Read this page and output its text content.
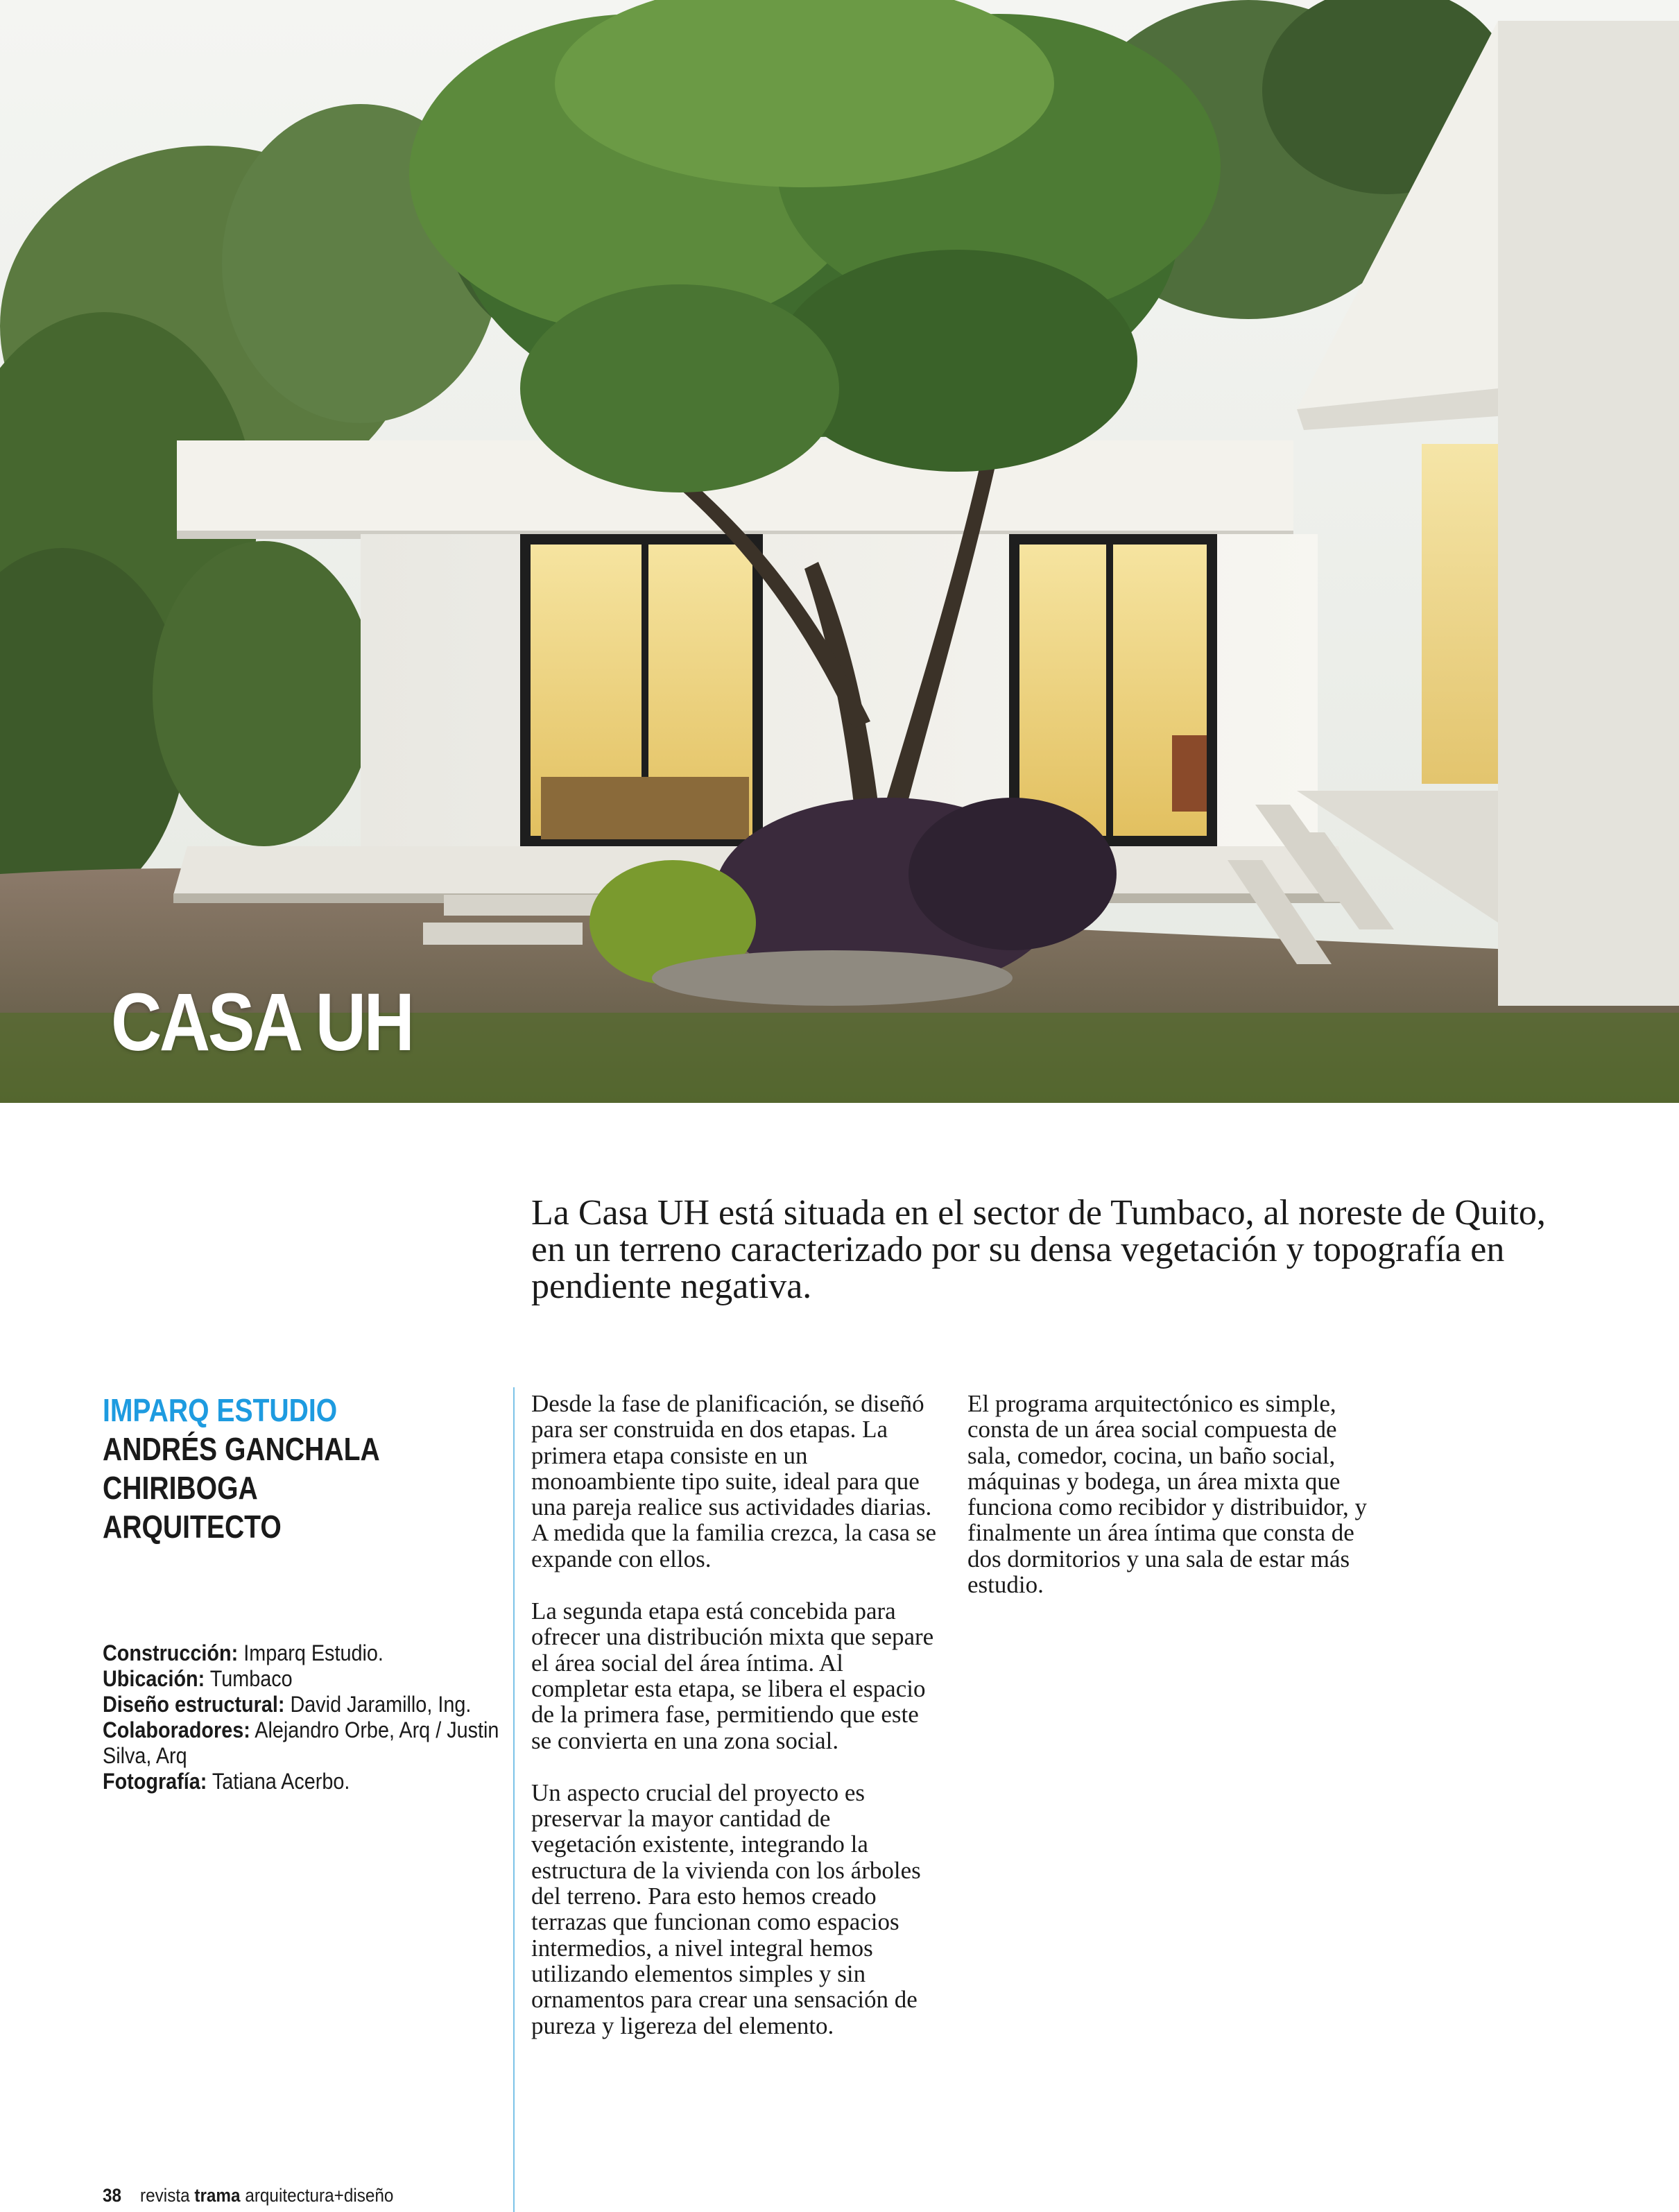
CASA UH
La Casa UH está situada en el sector de Tumbaco, al noreste de Quito, en un terreno caracterizado por su densa vegetación y topografía en pendiente negativa.
IMPARQ ESTUDIO
ANDRÉS GANCHALA
CHIRIBOGA
ARQUITECTO
Construcción: Imparq Estudio.
Ubicación: Tumbaco
Diseño estructural: David Jaramillo, Ing.
Colaboradores: Alejandro Orbe, Arq / Justin Silva, Arq
Fotografía: Tatiana Acerbo.

Desde la fase de planificación, se diseñó para ser construida en dos etapas. La primera etapa consiste en un monoambiente tipo suite, ideal para que una pareja realice sus actividades diarias. A medida que la familia crezca, la casa se expande con ellos.

La segunda etapa está concebida para ofrecer una distribución mixta que separe el área social del área íntima. Al completar esta etapa, se libera el espacio de la primera fase, permitiendo que este se convierta en una zona social.

Un aspecto crucial del proyecto es preservar la mayor cantidad de vegetación existente, integrando la estructura de la vivienda con los árboles del terreno. Para esto hemos creado terrazas que funcionan como espacios intermedios, a nivel integral hemos utilizando elementos simples y sin ornamentos para crear una sensación de pureza y ligereza del elemento.

El programa arquitectónico es simple, consta de un área social compuesta de sala, comedor, cocina, un baño social, máquinas y bodega, un área mixta que funciona como recibidor y distribuidor, y finalmente un área íntima que consta de dos dormitorios y una sala de estar más estudio.

38 revista trama arquitectura+diseño
